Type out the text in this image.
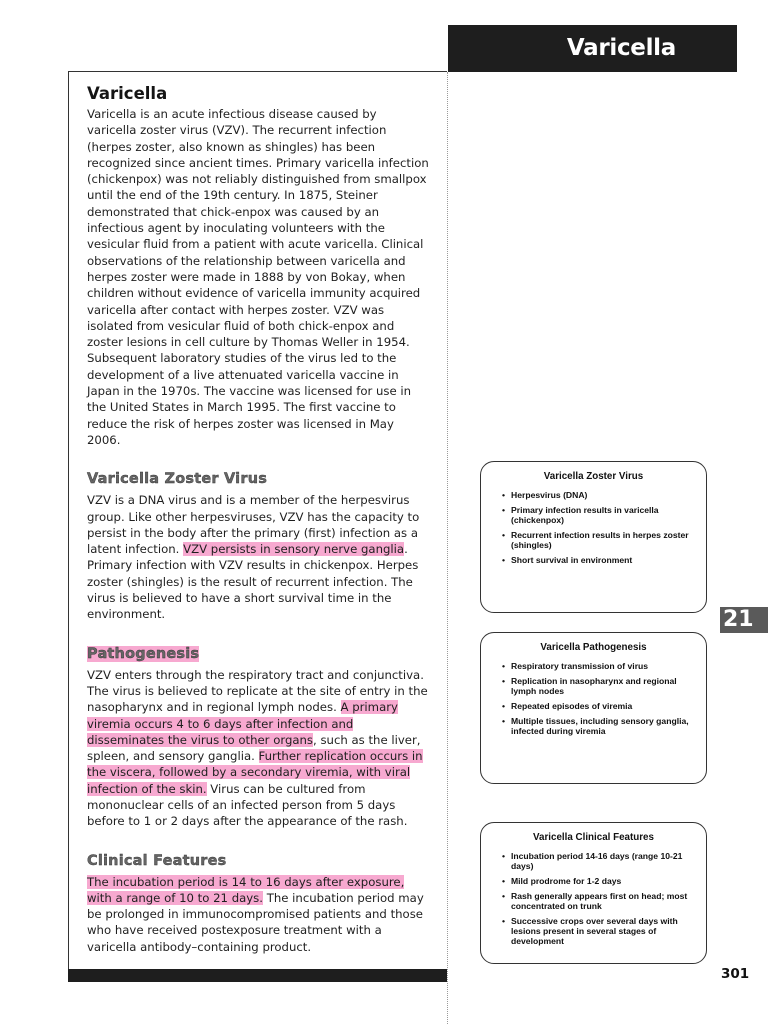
Varicella
Varicella

Varicella is an acute infectious disease caused by varicella zoster virus (VZV). The recurrent infection (herpes zoster, also known as shingles) has been recognized since ancient times. Primary varicella infection (chickenpox) was not reliably distinguished from smallpox until the end of the 19th century. In 1875, Steiner demonstrated that chick-enpox was caused by an infectious agent by inoculating volunteers with the vesicular fluid from a patient with acute varicella. Clinical observations of the relationship between varicella and herpes zoster were made in 1888 by von Bokay, when children without evidence of varicella immunity acquired varicella after contact with herpes zoster. VZV was isolated from vesicular fluid of both chick-enpox and zoster lesions in cell culture by Thomas Weller in 1954. Subsequent laboratory studies of the virus led to the development of a live attenuated varicella vaccine in Japan in the 1970s. The vaccine was licensed for use in the United States in March 1995. The first vaccine to reduce the risk of herpes zoster was licensed in May 2006.

Varicella Zoster Virus

VZV is a DNA virus and is a member of the herpesvirus group. Like other herpesviruses, VZV has the capacity to persist in the body after the primary (first) infection as a latent infection. VZV persists in sensory nerve ganglia. Primary infection with VZV results in chickenpox. Herpes zoster (shingles) is the result of recurrent infection. The virus is believed to have a short survival time in the environment.

Pathogenesis

VZV enters through the respiratory tract and conjunctiva. The virus is believed to replicate at the site of entry in the nasopharynx and in regional lymph nodes. A primary viremia occurs 4 to 6 days after infection and disseminates the virus to other organs, such as the liver, spleen, and sensory ganglia. Further replication occurs in the viscera, followed by a secondary viremia, with viral infection of the skin. Virus can be cultured from mononuclear cells of an infected person from 5 days before to 1 or 2 days after the appearance of the rash.

Clinical Features

The incubation period is 14 to 16 days after exposure, with a range of 10 to 21 days. The incubation period may be prolonged in immunocompromised patients and those who have received postexposure treatment with a varicella antibody–containing product.

Varicella Zoster Virus
• Herpesvirus (DNA)
• Primary infection results in varicella (chickenpox)
• Recurrent infection results in herpes zoster (shingles)
• Short survival in environment
Varicella Pathogenesis
• Respiratory transmission of virus
• Replication in nasopharynx and regional lymph nodes
• Repeated episodes of viremia
• Multiple tissues, including sensory ganglia, infected during viremia
Varicella Clinical Features
• Incubation period 14-16 days (range 10-21 days)
• Mild prodrome for 1-2 days
• Rash generally appears first on head; most concentrated on trunk
• Successive crops over several days with lesions present in several stages of development
21
301
